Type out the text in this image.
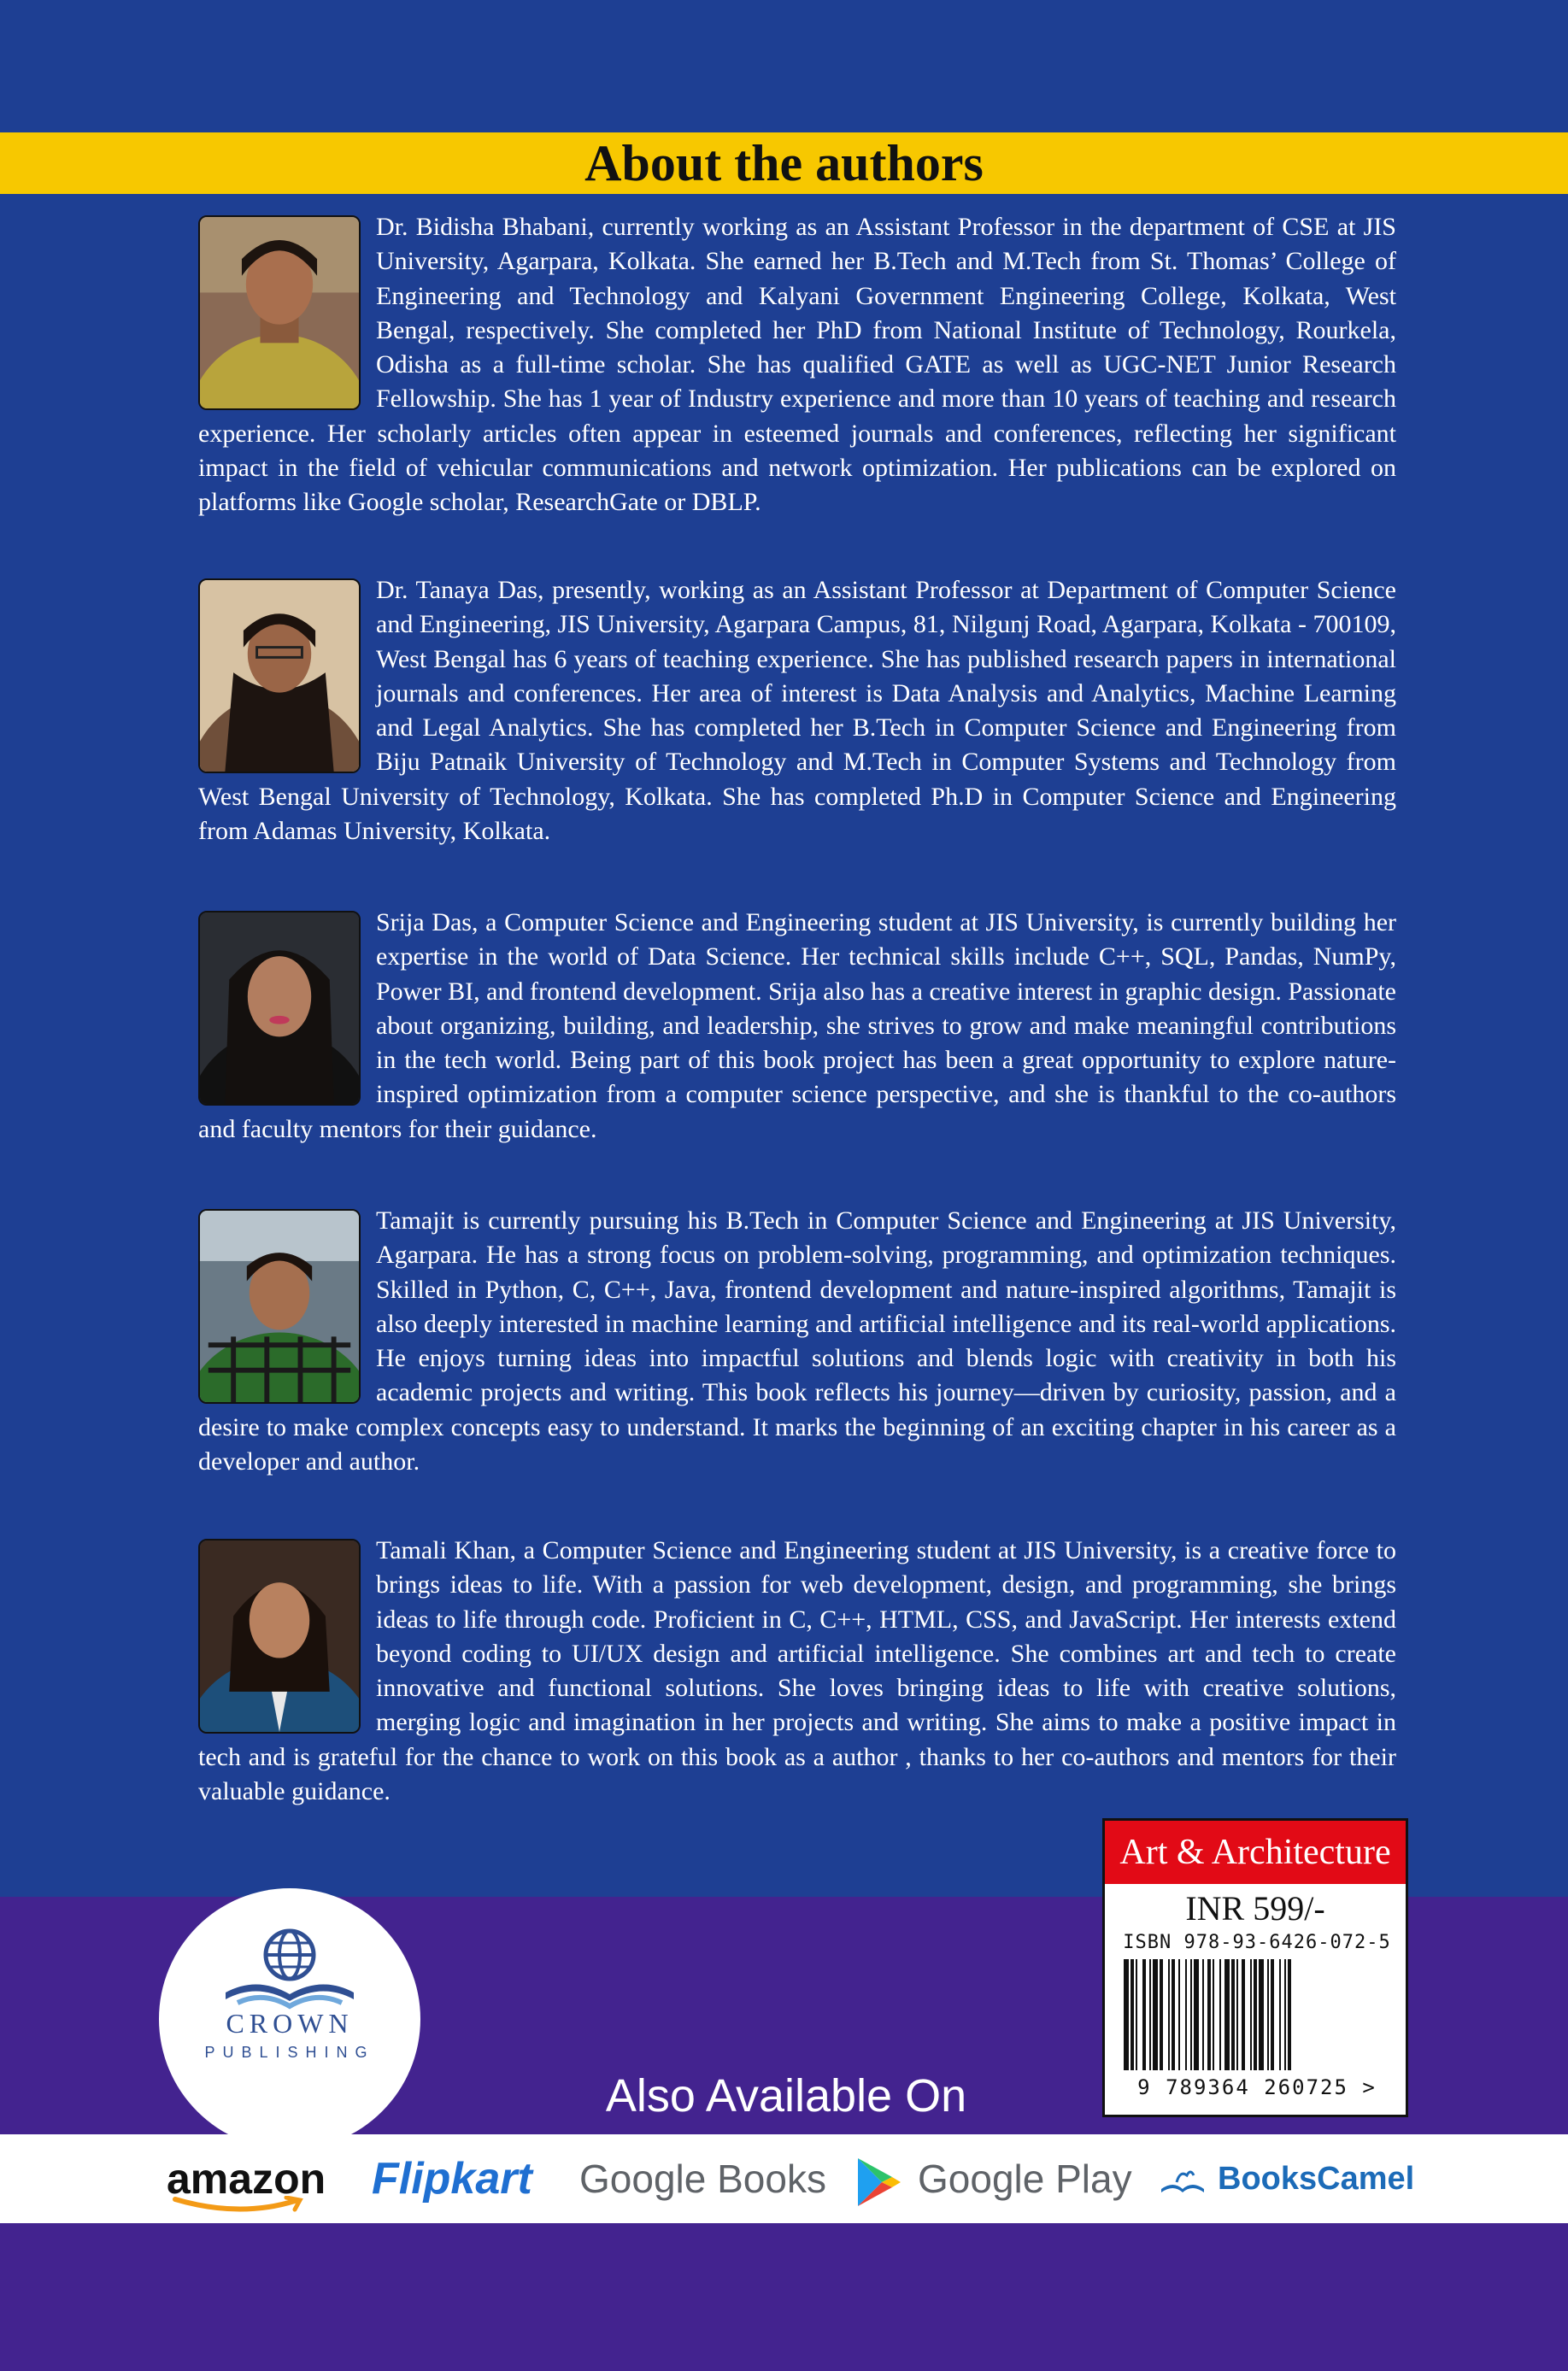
About the authors
Dr. Bidisha Bhabani, currently working as an Assistant Professor in the department of CSE at JIS University, Agarpara, Kolkata. She earned her B.Tech and M.Tech from St. Thomas’ College of Engineering and Technology and Kalyani Government Engineering College, Kolkata, West Bengal, respectively. She completed her PhD from National Institute of Technology, Rourkela, Odisha as a full-time scholar. She has qualified GATE as well as UGC-NET Junior Research Fellowship. She has 1 year of Industry experience and more than 10 years of teaching and research experience. Her scholarly articles often appear in esteemed journals and conferences, reflecting her significant impact in the field of vehicular communications and network optimization. Her publications can be explored on platforms like Google scholar, ResearchGate or DBLP.
Dr. Tanaya Das, presently, working as an Assistant Professor at Department of Computer Science and Engineering, JIS University, Agarpara Campus, 81, Nilgunj Road, Agarpara, Kolkata - 700109, West Bengal has 6 years of teaching experience. She has published research papers in international journals and conferences. Her area of interest is Data Analysis and Analytics, Machine Learning and Legal Analytics. She has completed her B.Tech in Computer Science and Engineering from Biju Patnaik University of Technology and M.Tech in Computer Systems and Technology from West Bengal University of Technology, Kolkata. She has completed Ph.D in Computer Science and Engineering from Adamas University, Kolkata.
Srija Das, a Computer Science and Engineering student at JIS University, is currently building her expertise in the world of Data Science. Her technical skills include C++, SQL, Pandas, NumPy, Power BI, and frontend development. Srija also has a creative interest in graphic design. Passionate about organizing, building, and leadership, she strives to grow and make meaningful contributions in the tech world. Being part of this book project has been a great opportunity to explore nature-inspired optimization from a computer science perspective, and she is thankful to the co-authors and faculty mentors for their guidance.
Tamajit is currently pursuing his B.Tech in Computer Science and Engineering at JIS University, Agarpara. He has a strong focus on problem-solving, programming, and optimization techniques. Skilled in Python, C, C++, Java, frontend development and nature-inspired algorithms, Tamajit is also deeply interested in machine learning and artificial intelligence and its real-world applications. He enjoys turning ideas into impactful solutions and blends logic with creativity in both his academic projects and writing. This book reflects his journey—driven by curiosity, passion, and a desire to make complex concepts easy to understand. It marks the beginning of an exciting chapter in his career as a developer and author.
Tamali Khan, a Computer Science and Engineering student at JIS University, is a creative force to brings ideas to life. With a passion for web development, design, and programming, she brings ideas to life through code. Proficient in C, C++, HTML, CSS, and JavaScript. Her interests extend beyond coding to UI/UX design and artificial intelligence. She combines art and tech to create innovative and functional solutions. She loves bringing ideas to life with creative solutions, merging logic and imagination in her projects and writing. She aims to make a positive impact in tech and is grateful for the chance to work on this book as a author , thanks to her co-authors and mentors for their valuable guidance.
CROWN
PUBLISHING
Also Available On
amazon Flipkart Google Books	Google Play	BooksCamel
Art & Architecture
INR 599/-
ISBN 978-93-6426-072-5
9 789364 260725 >
